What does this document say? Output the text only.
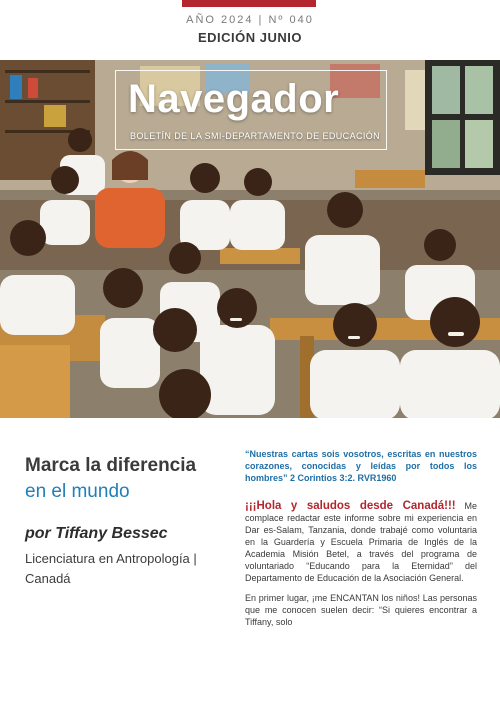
AÑO 2024 | Nº 040
EDICIÓN JUNIO
Navegador
BOLETÍN DE LA SMI-DEPARTAMENTO DE EDUCACIÓN
Marca la diferencia
en el mundo
por Tiffany Bessec
Licenciatura en Antropología | Canadá

“Nuestras cartas sois vosotros, escritas en nuestros corazones, conocidas y leídas por todos los hombres” 2 Corintios 3:2. RVR1960

¡¡¡Hola y saludos desde Canadá!!! Me complace redactar este informe sobre mi experiencia en Dar es-Salam, Tanzania, donde trabajé como voluntaria en la Guardería y Escuela Primaria de Inglés de la Academia Misión Betel, a través del programa de voluntariado “Educando para la Eternidad” del Departamento de Educación de la Asociación General.

En primer lugar, ¡me ENCANTAN los niños! Las personas que me conocen suelen decir: “Si quieres encontrar a Tiffany, solo
